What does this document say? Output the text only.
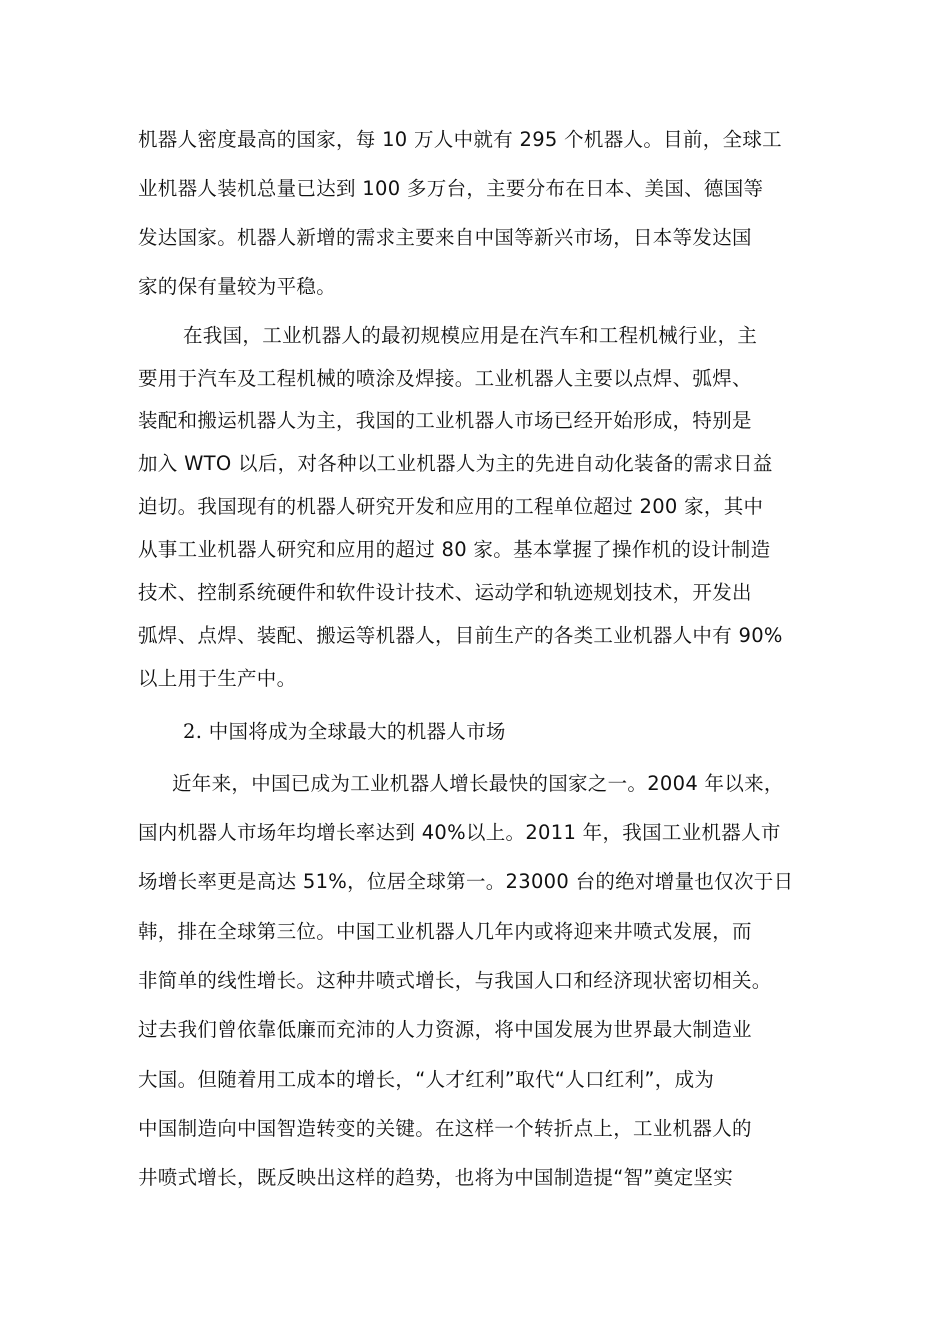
机器人密度最高的国家，每 10 万人中就有 295 个机器人。目前，全球工
业机器人装机总量已达到 100 多万台，主要分布在日本、美国、德国等
发达国家。机器人新增的需求主要来自中国等新兴市场，日本等发达国
家的保有量较为平稳。
在我国，工业机器人的最初规模应用是在汽车和工程机械行业，主
要用于汽车及工程机械的喷涂及焊接。工业机器人主要以点焊、弧焊、
装配和搬运机器人为主，我国的工业机器人市场已经开始形成，特别是
加入 WTO 以后，对各种以工业机器人为主的先进自动化装备的需求日益
迫切。我国现有的机器人研究开发和应用的工程单位超过 200 家，其中
从事工业机器人研究和应用的超过 80 家。基本掌握了操作机的设计制造
技术、控制系统硬件和软件设计技术、运动学和轨迹规划技术，开发出
弧焊、点焊、装配、搬运等机器人，目前生产的各类工业机器人中有 90%
以上用于生产中。
2. 中国将成为全球最大的机器人市场
近年来，中国已成为工业机器人增长最快的国家之一。2004 年以来，
国内机器人市场年均增长率达到 40%以上。2011 年，我国工业机器人市
场增长率更是高达 51%，位居全球第一。23000 台的绝对增量也仅次于日
韩，排在全球第三位。中国工业机器人几年内或将迎来井喷式发展，而
非简单的线性增长。这种井喷式增长，与我国人口和经济现状密切相关。
过去我们曾依靠低廉而充沛的人力资源，将中国发展为世界最大制造业
大国。但随着用工成本的增长，“人才红利”取代“人口红利”，成为
中国制造向中国智造转变的关键。在这样一个转折点上，工业机器人的
井喷式增长，既反映出这样的趋势，也将为中国制造提“智”奠定坚实
